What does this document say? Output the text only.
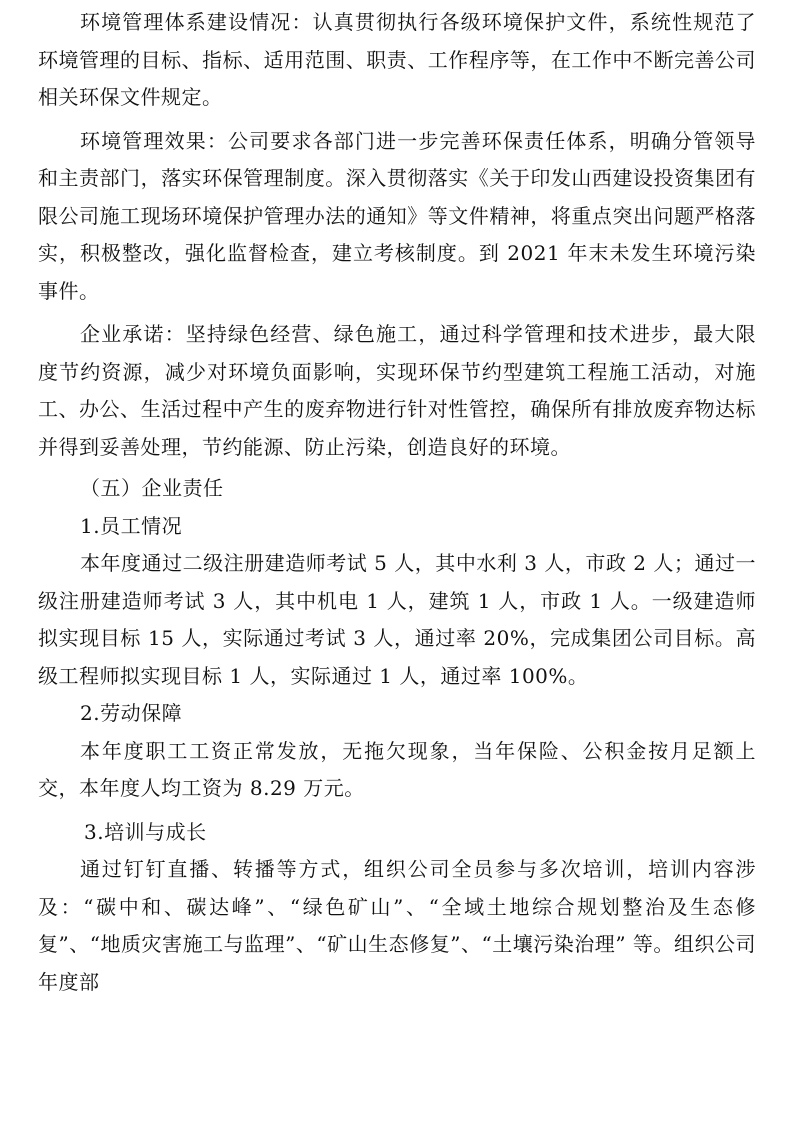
环境管理体系建设情况：认真贯彻执行各级环境保护文件，系统性规范了环境管理的目标、指标、适用范围、职责、工作程序等，在工作中不断完善公司相关环保文件规定。

环境管理效果：公司要求各部门进一步完善环保责任体系，明确分管领导和主责部门，落实环保管理制度。深入贯彻落实《关于印发山西建设投资集团有限公司施工现场环境保护管理办法的通知》等文件精神，将重点突出问题严格落实，积极整改，强化监督检查，建立考核制度。到 2021 年末未发生环境污染事件。

企业承诺：坚持绿色经营、绿色施工，通过科学管理和技术进步，最大限度节约资源，减少对环境负面影响，实现环保节约型建筑工程施工活动，对施工、办公、生活过程中产生的废弃物进行针对性管控，确保所有排放废弃物达标并得到妥善处理，节约能源、防止污染，创造良好的环境。

（五）企业责任

1.员工情况

本年度通过二级注册建造师考试 5 人，其中水利 3 人，市政 2 人；通过一级注册建造师考试 3 人，其中机电 1 人，建筑 1 人，市政 1 人。一级建造师拟实现目标 15 人，实际通过考试 3 人，通过率 20%，完成集团公司目标。高级工程师拟实现目标 1 人，实际通过 1 人，通过率 100%。

2.劳动保障

本年度职工工资正常发放，无拖欠现象，当年保险、公积金按月足额上交，本年度人均工资为 8.29 万元。

3.培训与成长

通过钉钉直播、转播等方式，组织公司全员参与多次培训，培训内容涉及：“碳中和、碳达峰”、“绿色矿山”、“全域土地综合规划整治及生态修复”、“地质灾害施工与监理”、“矿山生态修复”、“土壤污染治理” 等。组织公司年度部
